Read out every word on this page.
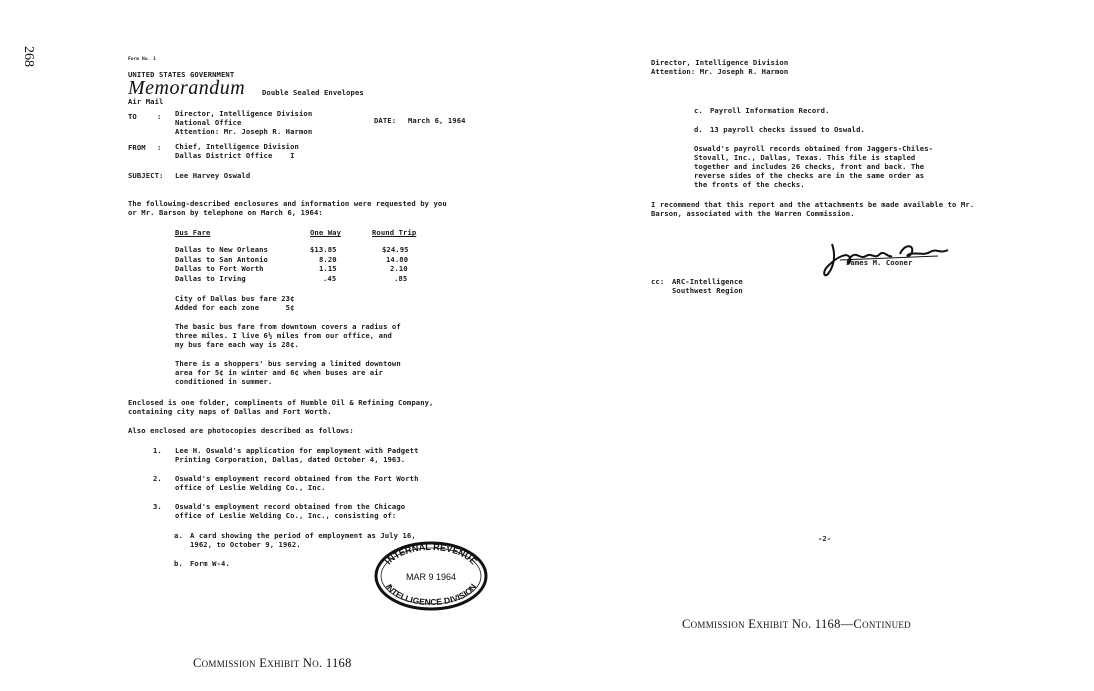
268	Form No. 1
UNITED STATES GOVERNMENT
Memorandum Double Sealed Envelopes
Air Mail
TO	: Director, Intelligence Division
National Office
Attention: Mr. Joseph R. Harmon
DATE: March 6, 1964
FROM : Chief, Intelligence Division
Dallas District Office    I
SUBJECT: Lee Harvey Oswald
The following-described enclosures and information were requested by you
or Mr. Barson by telephone on March 6, 1964:
Bus Fare	One Way	Round Trip

Dallas to New Orleans	$13.85	$24.95
Dallas to San Antonio	8.20	14.80
Dallas to Fort Worth	1.15	2.10
Dallas to Irving	.45	.85
City of Dallas bus fare 23¢
Added for each zone      5¢
The basic bus fare from downtown covers a radius of
three miles. I live 6½ miles from our office, and
my bus fare each way is 28¢.
There is a shoppers' bus serving a limited downtown
area for 5¢ in winter and 6¢ when buses are air
conditioned in summer.
Enclosed is one folder, compliments of Humble Oil & Refining Company,
containing city maps of Dallas and Fort Worth.
Also enclosed are photocopies described as follows:
1. Lee H. Oswald's application for employment with Padgett
Printing Corporation, Dallas, dated October 4, 1963.
2. Oswald's employment record obtained from the Fort Worth
office of Leslie Welding Co., Inc.
3. Oswald's employment record obtained from the Chicago
office of Leslie Welding Co., Inc., consisting of:
a. A card showing the period of employment as July 16,
1962, to October 9, 1962.
b. Form W-4.	INTERNAL REVENUE
MAR 9 1964
INTELLIGENCE DIVISION
Commission Exhibit No. 1168
Director, Intelligence Division
Attention: Mr. Joseph R. Harmon
c. Payroll Information Record.
d. 13 payroll checks issued to Oswald.
Oswald's payroll records obtained from Jaggers-Chiles-
Stovall, Inc., Dallas, Texas. This file is stapled
together and includes 26 checks, front and back. The
reverse sides of the checks are in the same order as
the fronts of the checks.
I recommend that this report and the attachments be made available to Mr.
Barson, associated with the Warren Commission.
James M. Cooner
cc: ARC-Intelligence
Southwest Region
-2-
Commission Exhibit No. 1168—Continued
